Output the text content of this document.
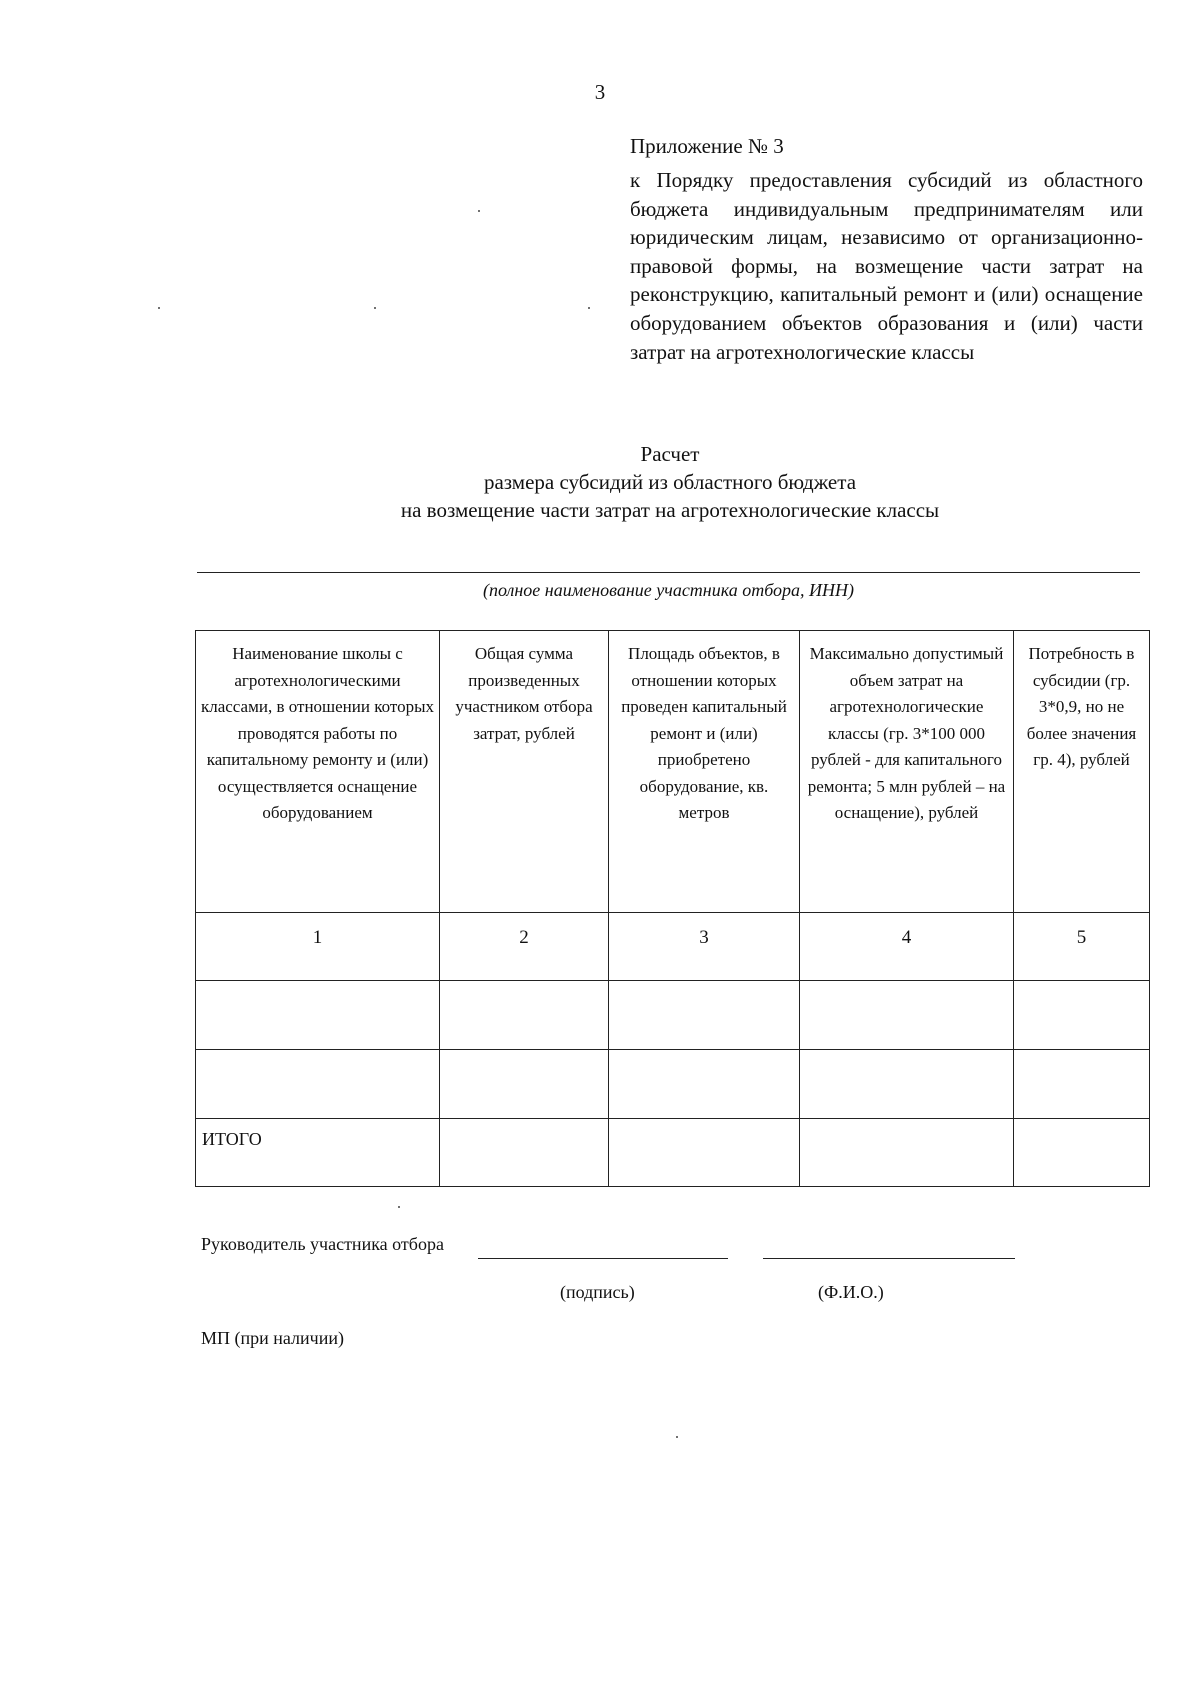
3
Приложение № 3
к Порядку предоставления субсидий из областного бюджета индивидуальным предпринимателям или юридическим лицам, независимо от организационно-правовой формы, на возмещение части затрат на реконструкцию, капитальный ремонт и (или) оснащение оборудованием объектов образования и (или) части затрат на агротехнологические классы
Расчет
размера субсидий из областного бюджета
на возмещение части затрат на агротехнологические классы
(полное наименование участника отбора, ИНН)
Наименование школы с агротехнологическими классами, в отношении которых проводятся работы по капитальному ремонту и (или) осуществляется оснащение оборудованием	Общая сумма произведенных участником отбора затрат, рублей	Площадь объектов, в отношении которых проведен капитальный ремонт и (или) приобретено оборудование, кв. метров	Максимально допустимый объем затрат на агротехнологические классы (гр. 3*100 000 рублей - для капитального ремонта; 5 млн рублей – на оснащение), рублей	Потребность в субсидии (гр. 3*0,9, но не более значения гр. 4), рублей
1	2	3	4	5

ИТОГО				
Руководитель участника отбора
(подпись)	(Ф.И.О.)
МП (при наличии)
